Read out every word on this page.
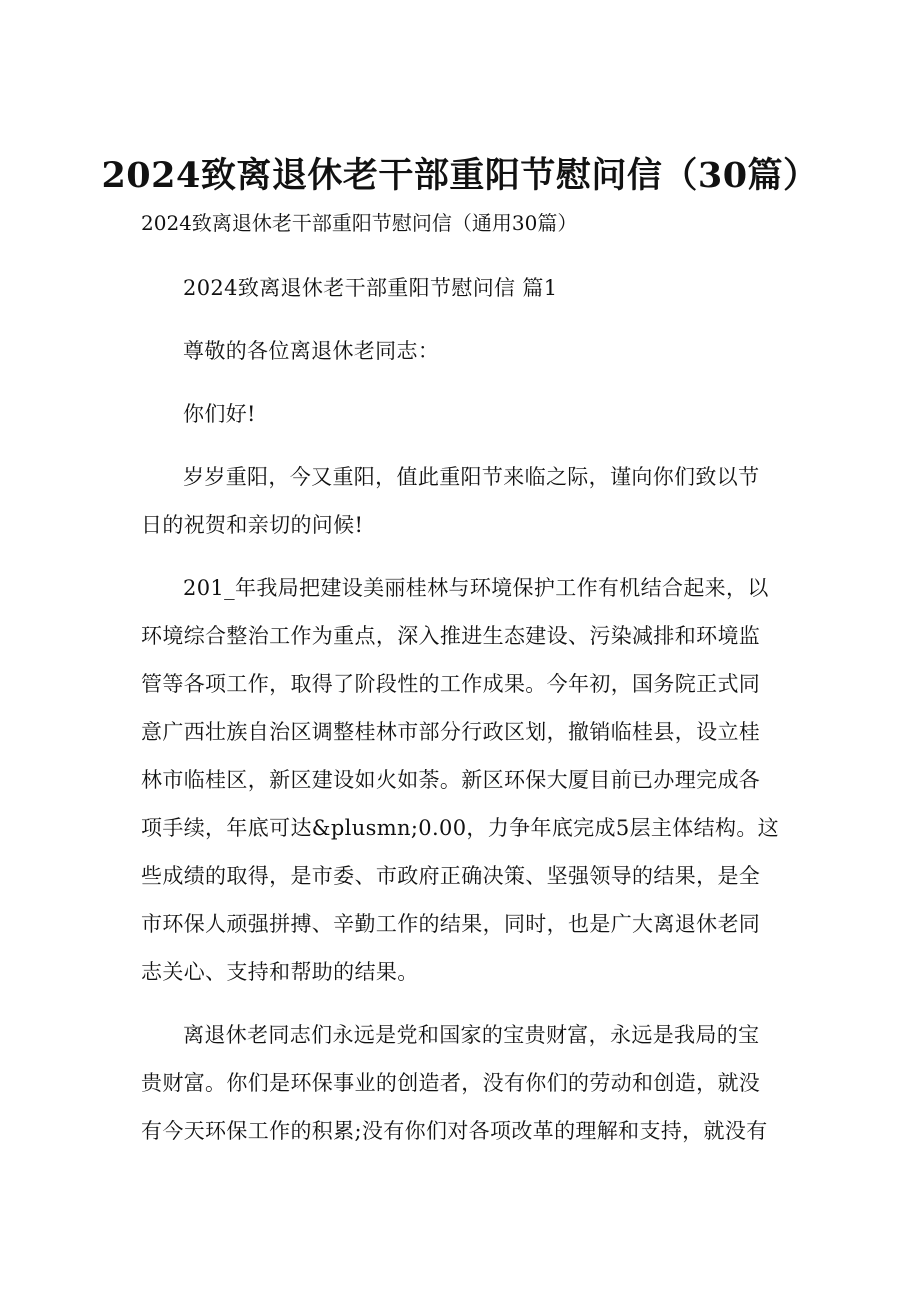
2024致离退休老干部重阳节慰问信（30篇）
2024致离退休老干部重阳节慰问信（通用30篇）
2024致离退休老干部重阳节慰问信 篇1
尊敬的各位离退休老同志：
你们好!
岁岁重阳，今又重阳，值此重阳节来临之际，谨向你们致以节
日的祝贺和亲切的问候!
201_年我局把建设美丽桂林与环境保护工作有机结合起来，以
环境综合整治工作为重点，深入推进生态建设、污染减排和环境监
管等各项工作，取得了阶段性的工作成果。今年初，国务院正式同
意广西壮族自治区调整桂林市部分行政区划，撤销临桂县，设立桂
林市临桂区，新区建设如火如荼。新区环保大厦目前已办理完成各
项手续，年底可达&plusmn;0.00，力争年底完成5层主体结构。这
些成绩的取得，是市委、市政府正确决策、坚强领导的结果，是全
市环保人顽强拼搏、辛勤工作的结果，同时，也是广大离退休老同
志关心、支持和帮助的结果。
离退休老同志们永远是党和国家的宝贵财富，永远是我局的宝
贵财富。你们是环保事业的创造者，没有你们的劳动和创造，就没
有今天环保工作的积累;没有你们对各项改革的理解和支持，就没有
